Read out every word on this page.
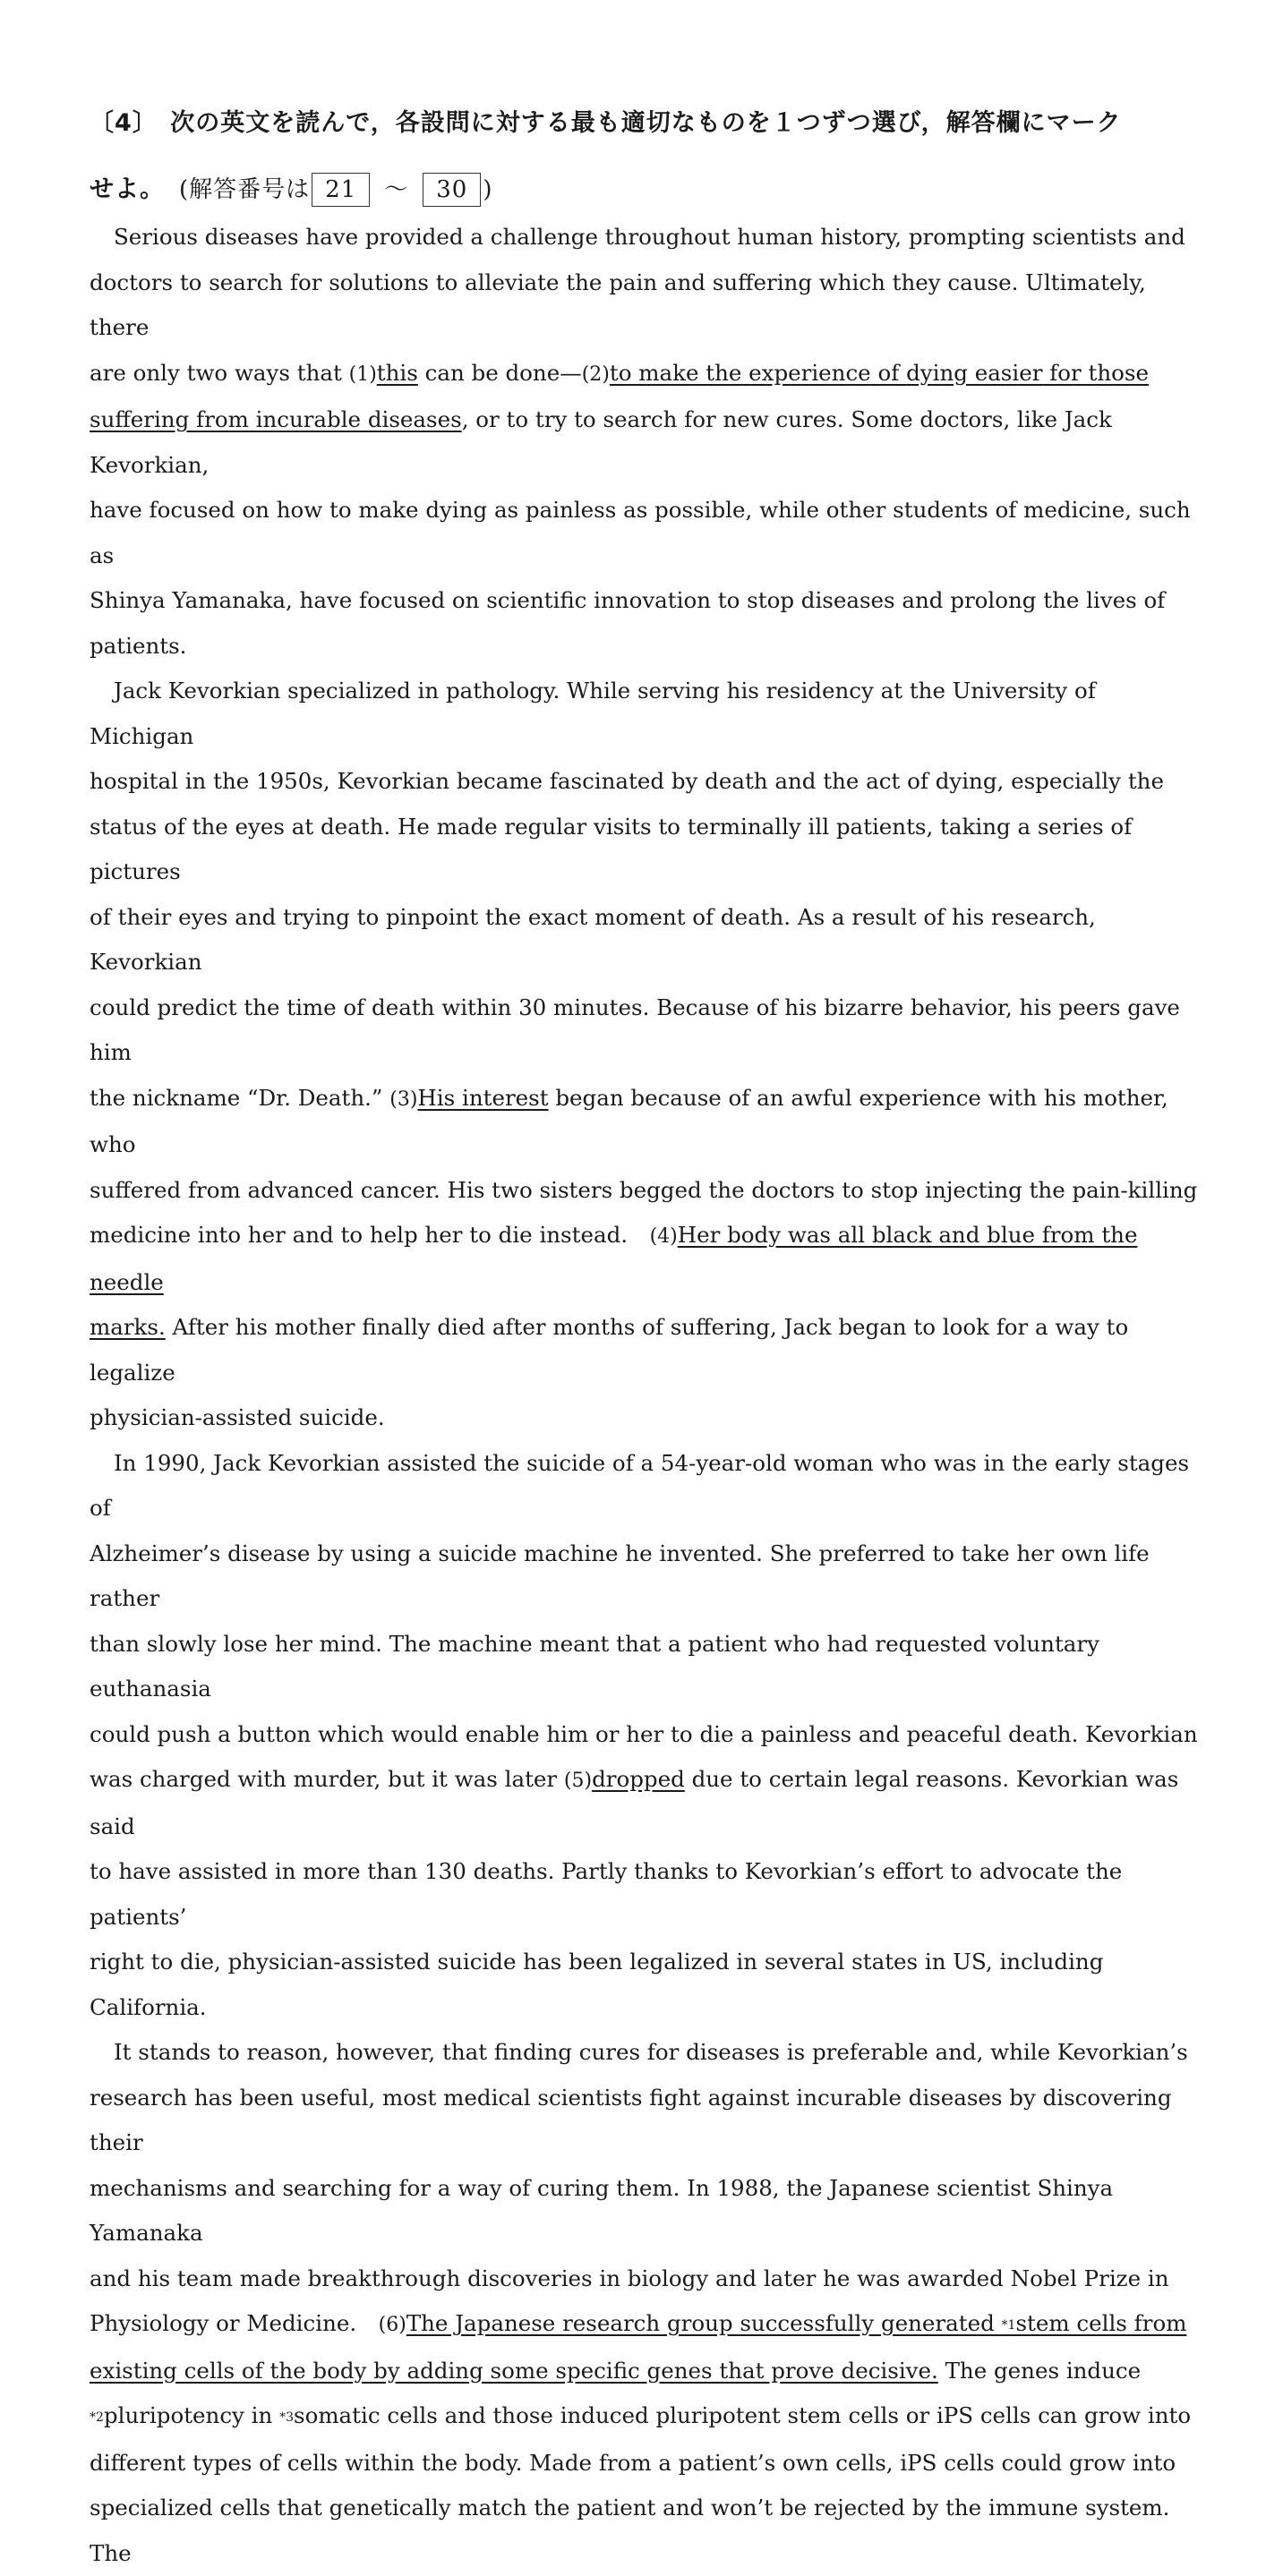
〔4〕　次の英文を読んで，各設問に対する最も適切なものを１つずつ選び，解答欄にマーク
せよ。 (解答番号は 21	～	30 )
Serious diseases have provided a challenge throughout human history, prompting scientists and
doctors to search for solutions to alleviate the pain and suffering which they cause. Ultimately, there
are only two ways that (1)this can be done—(2)to make the experience of dying easier for those
suffering from incurable diseases, or to try to search for new cures. Some doctors, like Jack Kevorkian,
have focused on how to make dying as painless as possible, while other students of medicine, such as
Shinya Yamanaka, have focused on scientific innovation to stop diseases and prolong the lives of
patients.
Jack Kevorkian specialized in pathology. While serving his residency at the University of Michigan
hospital in the 1950s, Kevorkian became fascinated by death and the act of dying, especially the
status of the eyes at death. He made regular visits to terminally ill patients, taking a series of pictures
of their eyes and trying to pinpoint the exact moment of death. As a result of his research, Kevorkian
could predict the time of death within 30 minutes. Because of his bizarre behavior, his peers gave him
the nickname “Dr. Death.” (3)His interest began because of an awful experience with his mother, who
suffered from advanced cancer. His two sisters begged the doctors to stop injecting the pain-killing
medicine into her and to help her to die instead.　(4)Her body was all black and blue from the needle
marks. After his mother finally died after months of suffering, Jack began to look for a way to legalize
physician-assisted suicide.
In 1990, Jack Kevorkian assisted the suicide of a 54-year-old woman who was in the early stages of
Alzheimer’s disease by using a suicide machine he invented. She preferred to take her own life rather
than slowly lose her mind. The machine meant that a patient who had requested voluntary euthanasia
could push a button which would enable him or her to die a painless and peaceful death. Kevorkian
was charged with murder, but it was later (5)dropped due to certain legal reasons. Kevorkian was said
to have assisted in more than 130 deaths. Partly thanks to Kevorkian’s effort to advocate the patients’
right to die, physician-assisted suicide has been legalized in several states in US, including California.
It stands to reason, however, that finding cures for diseases is preferable and, while Kevorkian’s
research has been useful, most medical scientists fight against incurable diseases by discovering their
mechanisms and searching for a way of curing them. In 1988, the Japanese scientist Shinya Yamanaka
and his team made breakthrough discoveries in biology and later he was awarded Nobel Prize in
Physiology or Medicine.　(6)The Japanese research group successfully generated *1stem cells from
existing cells of the body by adding some specific genes that prove decisive. The genes induce
*2pluripotency in *3somatic cells and those induced pluripotent stem cells or iPS cells can grow into
different types of cells within the body. Made from a patient’s own cells, iPS cells could grow into
specialized cells that genetically match the patient and won’t be rejected by the immune system. The
